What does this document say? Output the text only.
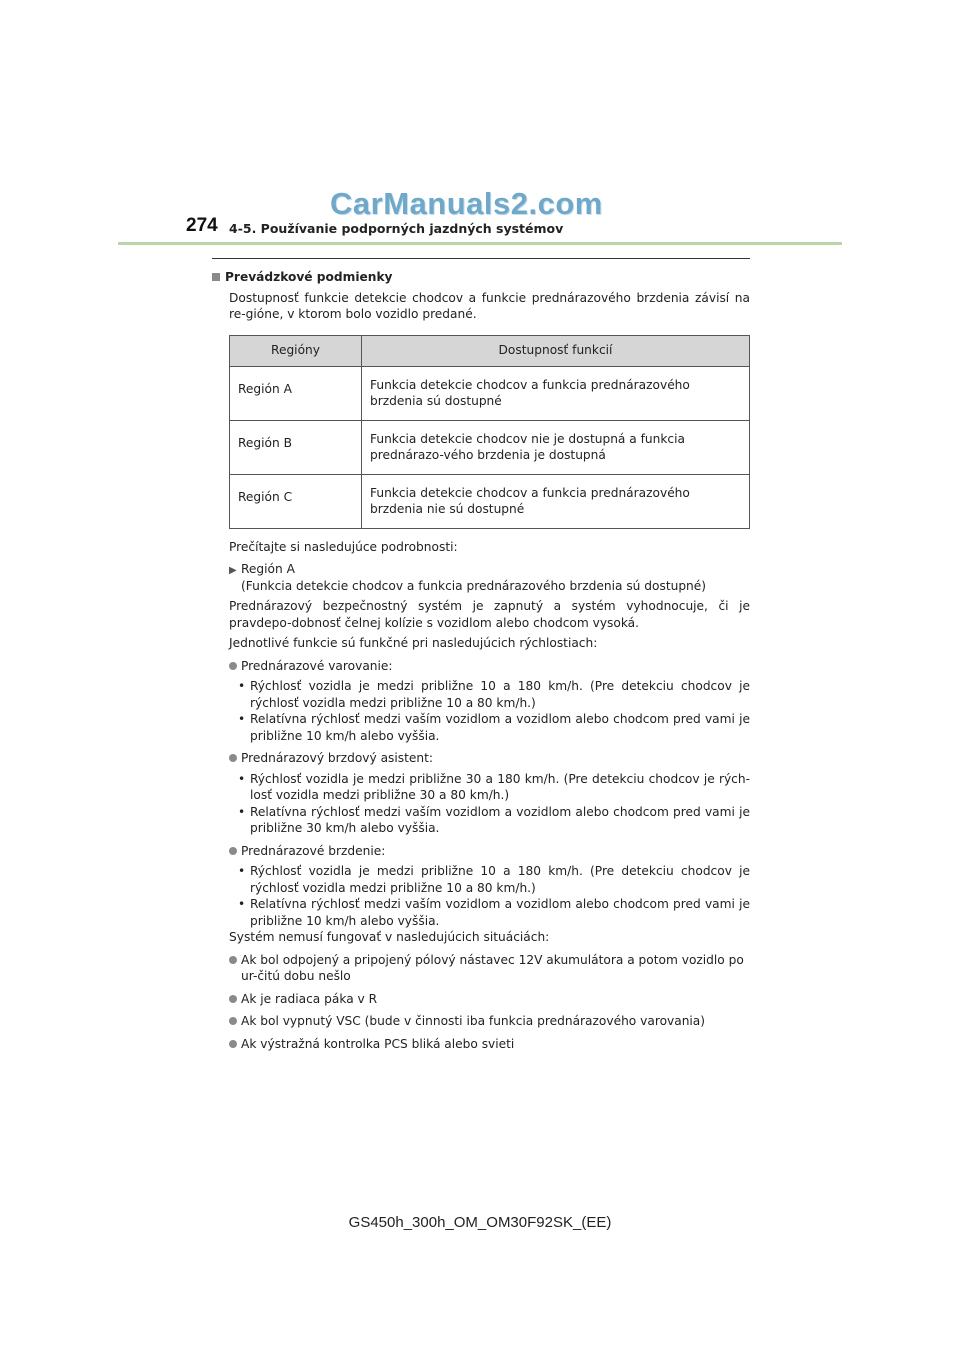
CarManuals2.com
274 4-5. Používanie podporných jazdných systémov
Prevádzkové podmienky

Dostupnosť funkcie detekcie chodcov a funkcie prednárazového brzdenia závisí na re-gióne, v ktorom bolo vozidlo predané.

Regióny	Dostupnosť funkcií
Región A	Funkcia detekcie chodcov a funkcia prednárazového brzdenia sú dostupné
Región B	Funkcia detekcie chodcov nie je dostupná a funkcia prednárazo-vého brzdenia je dostupná
Región C	Funkcia detekcie chodcov a funkcia prednárazového brzdenia nie sú dostupné

Prečítajte si nasledujúce podrobnosti:

▶ Región A
(Funkcia detekcie chodcov a funkcia prednárazového brzdenia sú dostupné)

Prednárazový bezpečnostný systém je zapnutý a systém vyhodnocuje, či je pravdepo-dobnosť čelnej kolízie s vozidlom alebo chodcom vysoká.

Jednotlivé funkcie sú funkčné pri nasledujúcich rýchlostiach:

Prednárazové varovanie:
• Rýchlosť vozidla je medzi približne 10 a 180 km/h. (Pre detekciu chodcov je rýchlosť vozidla medzi približne 10 a 80 km/h.)
• Relatívna rýchlosť medzi vaším vozidlom a vozidlom alebo chodcom pred vami je približne 10 km/h alebo vyššia.
Prednárazový brzdový asistent:
• Rýchlosť vozidla je medzi približne 30 a 180 km/h. (Pre detekciu chodcov je rých-losť vozidla medzi približne 30 a 80 km/h.)
• Relatívna rýchlosť medzi vaším vozidlom a vozidlom alebo chodcom pred vami je približne 30 km/h alebo vyššia.
Prednárazové brzdenie:
• Rýchlosť vozidla je medzi približne 10 a 180 km/h. (Pre detekciu chodcov je rýchlosť vozidla medzi približne 10 a 80 km/h.)
• Relatívna rýchlosť medzi vaším vozidlom a vozidlom alebo chodcom pred vami je približne 10 km/h alebo vyššia.

Systém nemusí fungovať v nasledujúcich situáciách:

Ak bol odpojený a pripojený pólový nástavec 12V akumulátora a potom vozidlo po ur-čitú dobu nešlo
Ak je radiaca páka v R
Ak bol vypnutý VSC (bude v činnosti iba funkcia prednárazového varovania)
Ak výstražná kontrolka PCS bliká alebo svieti
GS450h_300h_OM_OM30F92SK_(EE)
